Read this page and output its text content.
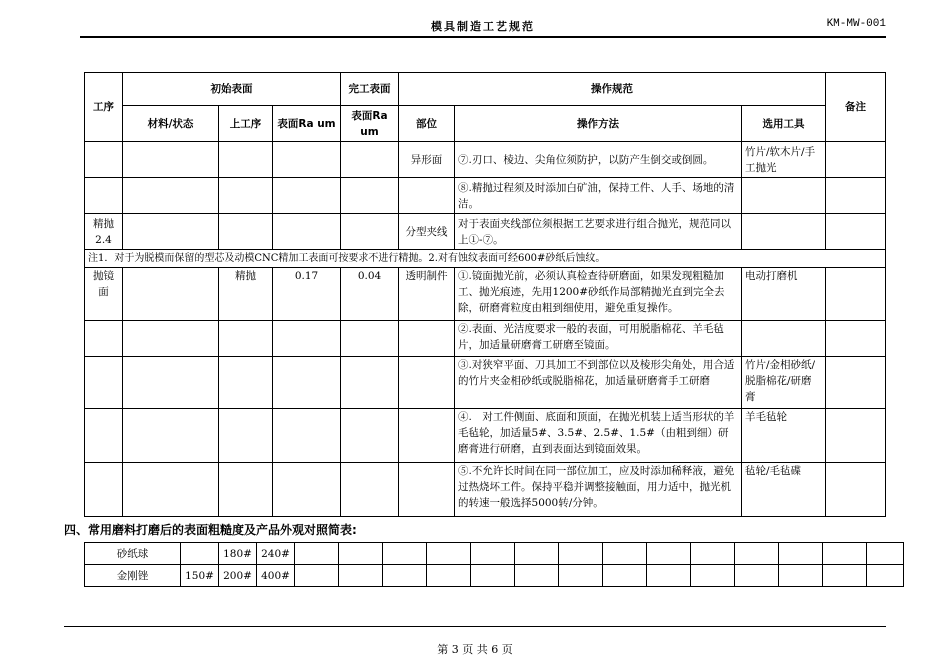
模具制造工艺规范	KM-MW-001
工序	初始表面			完工表面	操作规范			备注
	材料/状态	上工序	表面Ra um	表面Ra um	部位	操作方法	选用工具	
					异形面	⑦.刃口、棱边、尖角位须防护，以防产生倒交或倒圆。	竹片/软木片/手工抛光	
						⑧.精抛过程须及时添加白矿油，保持工件、人手、场地的清洁。		
精抛2.4					分型夹线	对于表面夹线部位须根据工艺要求进行组合抛光，规范同以上①-⑦。		
注1．对于为脱模而保留的型芯及动模CNC精加工表面可按要求不进行精抛。2.对有蚀纹表面可经600#砂纸后蚀纹。								
抛镜面		精抛	0.17	0.04	透明制件	①.镜面抛光前，必须认真检查待研磨面，如果发现粗糙加工、抛光痕迹，先用1200#砂纸作局部精抛光直到完全去除，研磨膏粒度由粗到细使用，避免重复操作。	电动打磨机	
						②.表面、光洁度要求一般的表面，可用脱脂棉花、羊毛毡片，加适量研磨膏工研磨至镜面。		
						③.对狭窄平面、刀具加工不到部位以及棱形尖角处，用合适的竹片夹金相砂纸或脱脂棉花，加适量研磨膏手工研磨	竹片/金相砂纸/脱脂棉花/研磨膏	
						④.　对工件侧面、底面和顶面，在抛光机装上适当形状的羊毛毡轮，加适量5#、3.5#、2.5#、1.5#（由粗到细）研磨膏进行研磨，直到表面达到镜面效果。	羊毛毡轮	
						⑤.不允许长时间在同一部位加工，应及时添加稀释液，避免过热烧坏工件。保持平稳并调整接触面，用力适中，抛光机的转速一般选择5000转/分钟。	毡轮/毛毡碟	
四、常用磨料打磨后的表面粗糙度及产品外观对照简表:
砂纸球		180#	240#														
金刚锉	150#	200#	400#														
第 3 页 共 6 页
